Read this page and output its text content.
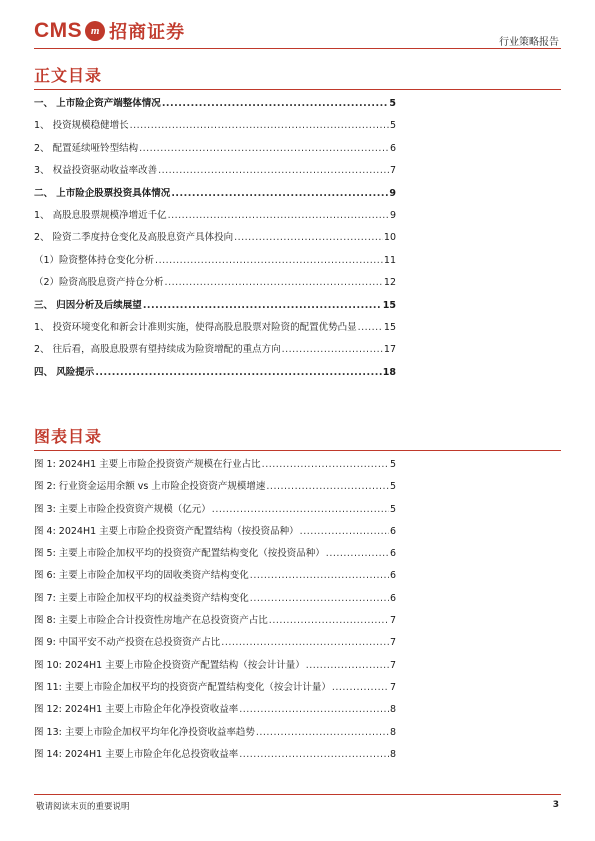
CMS m 招商证券	行业策略报告
正文目录
一、 上市险企资产端整体情况 .....	5
1、 投资规模稳健增长 .....	5
2、 配置延续哑铃型结构 .....	6
3、 权益投资驱动收益率改善 .....	7
二、 上市险企股票投资具体情况 .....	9
1、 高股息股票规模净增近千亿 .....	9
2、 险资二季度持仓变化及高股息资产具体投向 .....	10
（1）险资整体持仓变化分析 .....	11
（2）险资高股息资产持仓分析 .....	12
三、 归因分析及后续展望 .....	15
1、 投资环境变化和新会计准则实施，使得高股息股票对险资的配置优势凸显 .....	15
2、 往后看，高股息股票有望持续成为险资增配的重点方向 .....	17
四、 风险提示 .....	18
图表目录
图 1: 2024H1 主要上市险企投资资产规模在行业占比 .....	5
图 2: 行业资金运用余额 vs 上市险企投资资产规模增速 .....	5
图 3: 主要上市险企投资资产规模（亿元） .....	5
图 4: 2024H1 主要上市险企投资资产配置结构（按投资品种） .....	6
图 5: 主要上市险企加权平均的投资资产配置结构变化（按投资品种） .....	6
图 6: 主要上市险企加权平均的固收类资产结构变化 .....	6
图 7: 主要上市险企加权平均的权益类资产结构变化 .....	6
图 8: 主要上市险企合计投资性房地产在总投资资产占比 .....	7
图 9: 中国平安不动产投资在总投资资产占比 .....	7
图 10: 2024H1 主要上市险企投资资产配置结构（按会计计量） .....	7
图 11: 主要上市险企加权平均的投资资产配置结构变化（按会计计量） .....	7
图 12: 2024H1 主要上市险企年化净投资收益率 .....	8
图 13: 主要上市险企加权平均年化净投资收益率趋势 .....	8
图 14: 2024H1 主要上市险企年化总投资收益率 .....	8
敬请阅读末页的重要说明	3
